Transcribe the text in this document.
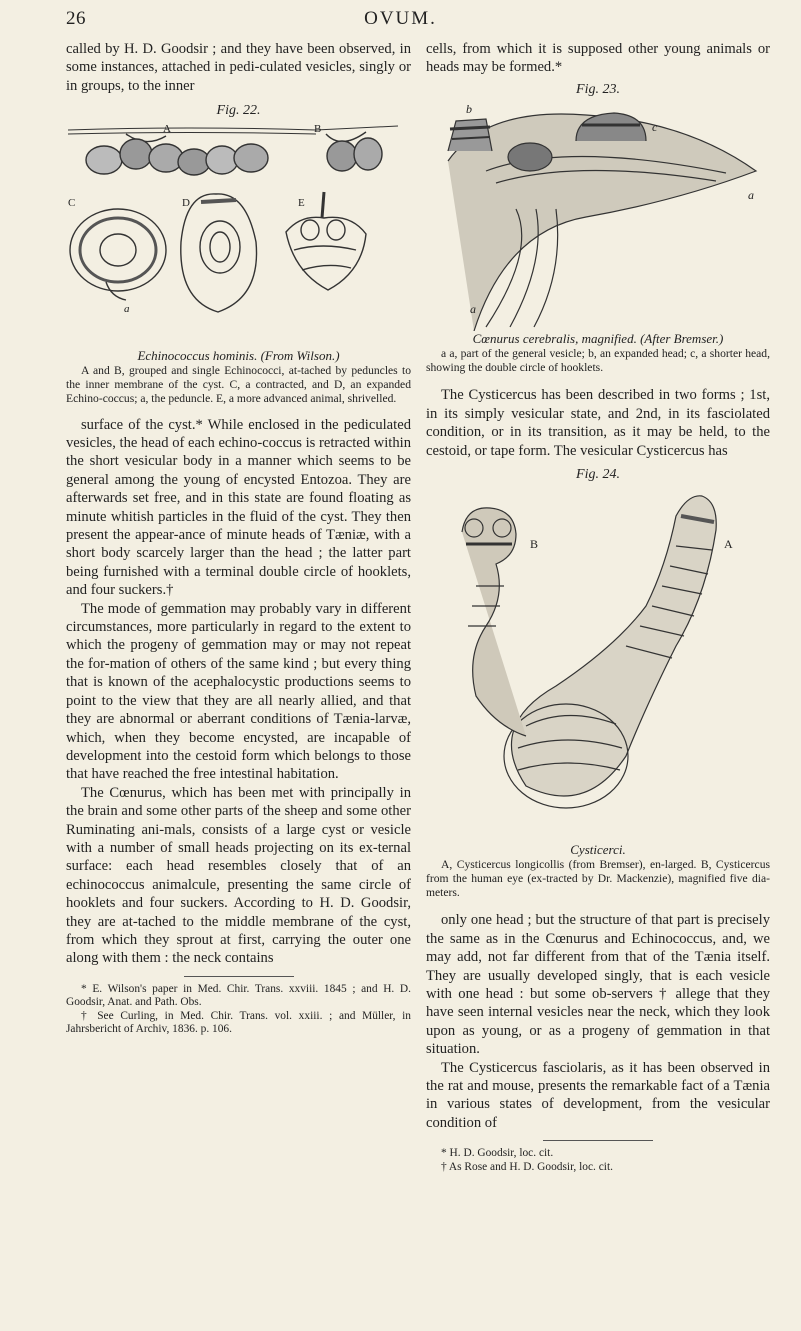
26	OVUM.

called by H. D. Goodsir ; and they have been observed, in some instances, attached in pedi-culated vesicles, singly or in groups, to the inner

Fig. 22.

A	B
C	D	E
a

Echinococcus hominis. (From Wilson.)

A and B, grouped and single Echinococci, at-tached by peduncles to the inner membrane of the cyst. C, a contracted, and D, an expanded Echino-coccus; a, the peduncle. E, a more advanced animal, shrivelled.

surface of the cyst.* While enclosed in the pediculated vesicles, the head of each echino-coccus is retracted within the short vesicular body in a manner which seems to be general among the young of encysted Entozoa. They are afterwards set free, and in this state are found floating as minute whitish particles in the fluid of the cyst. They then present the appear-ance of minute heads of Tæniæ, with a short body scarcely larger than the head ; the latter part being furnished with a terminal double circle of hooklets, and four suckers.†

The mode of gemmation may probably vary in different circumstances, more particularly in regard to the extent to which the progeny of gemmation may or may not repeat the for-mation of others of the same kind ; but every thing that is known of the acephalocystic productions seems to point to the view that they are all nearly allied, and that they are abnormal or aberrant conditions of Tænia-larvæ, which, when they become encysted, are incapable of development into the cestoid form which belongs to those that have reached the free intestinal habitation.

The Cœnurus, which has been met with principally in the brain and some other parts of the sheep and some other Ruminating ani-mals, consists of a large cyst or vesicle with a number of small heads projecting on its ex-ternal surface: each head resembles closely that of an echinococcus animalcule, presenting the same circle of hooklets and four suckers. According to H. D. Goodsir, they are at-tached to the middle membrane of the cyst, from which they sprout at first, carrying the outer one along with them : the neck contains

* E. Wilson's paper in Med. Chir. Trans. xxviii. 1845 ; and H. D. Goodsir, Anat. and Path. Obs.

† See Curling, in Med. Chir. Trans. vol. xxiii. ; and Müller, in Jahrsbericht of Archiv, 1836. p. 106.

cells, from which it is supposed other young animals or heads may be formed.*

Fig. 23.

b
c
a
a

Cœnurus cerebralis, magnified. (After Bremser.)

a a, part of the general vesicle; b, an expanded head; c, a shorter head, showing the double circle of hooklets.

The Cysticercus has been described in two forms ; 1st, in its simply vesicular state, and 2nd, in its fasciolated condition, or in its transition, as it may be held, to the cestoid, or tape form. The vesicular Cysticercus has

Fig. 24.

A
B

Cysticerci.

A, Cysticercus longicollis (from Bremser), en-larged. B, Cysticercus from the human eye (ex-tracted by Dr. Mackenzie), magnified five dia-meters.

only one head ; but the structure of that part is precisely the same as in the Cœnurus and Echinococcus, and, we may add, not far different from that of the Tænia itself. They are usually developed singly, that is each vesicle with one head : but some ob-servers † allege that they have seen internal vesicles near the neck, which they look upon as young, or as a progeny of gemmation in that situation.

The Cysticercus fasciolaris, as it has been observed in the rat and mouse, presents the remarkable fact of a Tænia in various states of development, from the vesicular condition of

* H. D. Goodsir, loc. cit.

† As Rose and H. D. Goodsir, loc. cit.
